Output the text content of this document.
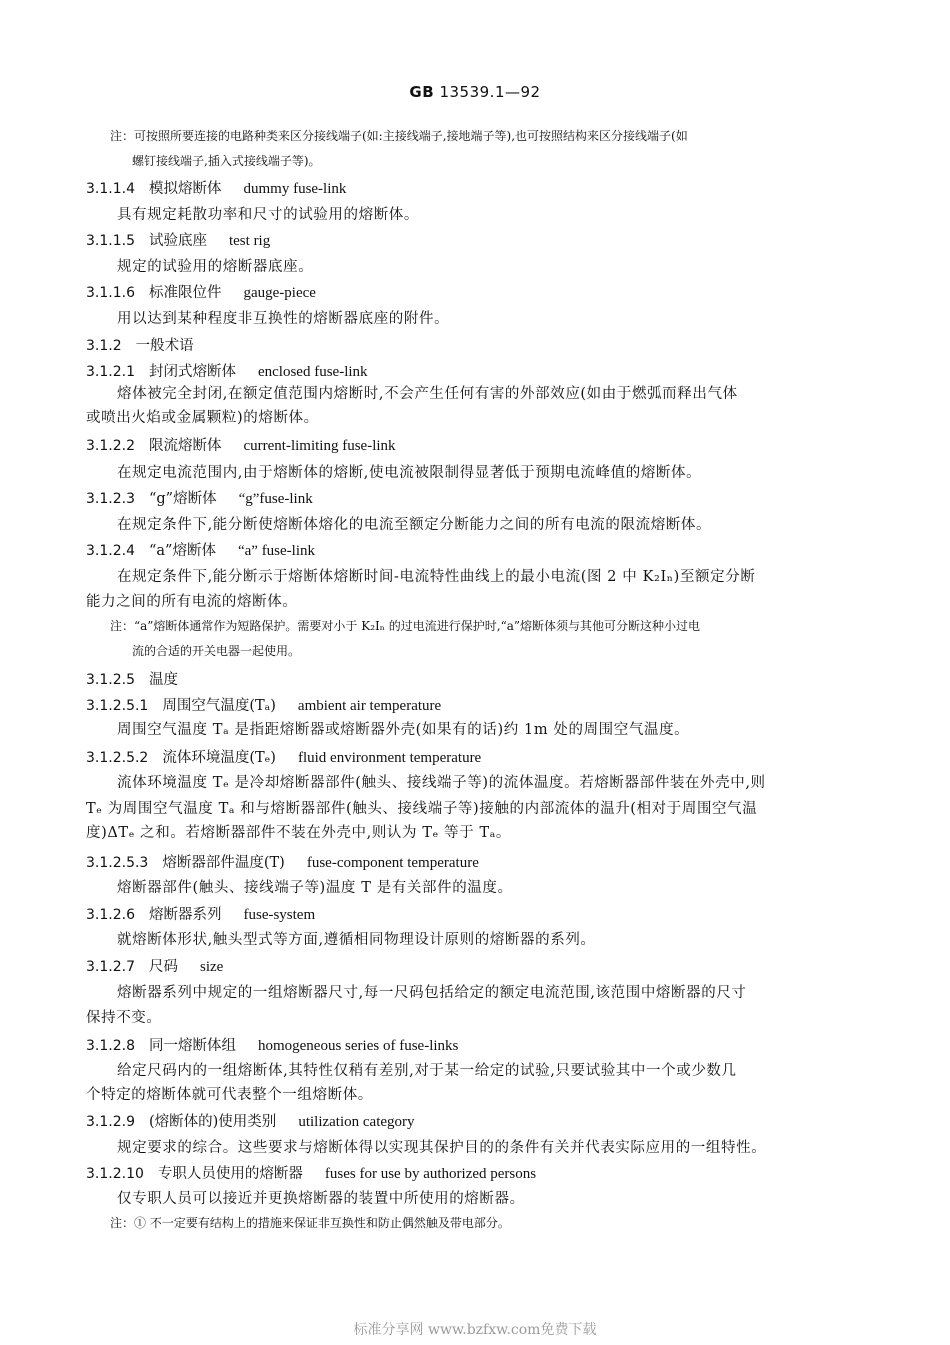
GB 13539.1—92
注：可按照所要连接的电路种类来区分接线端子(如:主接线端子,接地端子等),也可按照结构来区分接线端子(如
螺钉接线端子,插入式接线端子等)。
3.1.1.4 模拟熔断体 dummy fuse-link
具有规定耗散功率和尺寸的试验用的熔断体。
3.1.1.5 试验底座 test rig
规定的试验用的熔断器底座。
3.1.1.6 标准限位件 gauge-piece
用以达到某种程度非互换性的熔断器底座的附件。
3.1.2 一般术语
3.1.2.1 封闭式熔断体 enclosed fuse-link
熔体被完全封闭,在额定值范围内熔断时,不会产生任何有害的外部效应(如由于燃弧而释出气体
或喷出火焰或金属颗粒)的熔断体。
3.1.2.2 限流熔断体 current-limiting fuse-link
在规定电流范围内,由于熔断体的熔断,使电流被限制得显著低于预期电流峰值的熔断体。
3.1.2.3 “g”熔断体 “g”fuse-link
在规定条件下,能分断使熔断体熔化的电流至额定分断能力之间的所有电流的限流熔断体。
3.1.2.4 “a”熔断体 “a” fuse-link
在规定条件下,能分断示于熔断体熔断时间-电流特性曲线上的最小电流(图 2 中 K₂Iₙ)至额定分断
能力之间的所有电流的熔断体。
注：“a”熔断体通常作为短路保护。需要对小于 K₂Iₙ 的过电流进行保护时,“a”熔断体须与其他可分断这种小过电
流的合适的开关电器一起使用。
3.1.2.5 温度
3.1.2.5.1 周围空气温度(Tₐ) ambient air temperature
周围空气温度 Tₐ 是指距熔断器或熔断器外壳(如果有的话)约 1m 处的周围空气温度。
3.1.2.5.2 流体环境温度(Tₑ) fluid environment temperature
流体环境温度 Tₑ 是冷却熔断器部件(触头、接线端子等)的流体温度。若熔断器部件装在外壳中,则
Tₑ 为周围空气温度 Tₐ 和与熔断器部件(触头、接线端子等)接触的内部流体的温升(相对于周围空气温
度)ΔTₑ 之和。若熔断器部件不装在外壳中,则认为 Tₑ 等于 Tₐ。
3.1.2.5.3 熔断器部件温度(T) fuse-component temperature
熔断器部件(触头、接线端子等)温度 T 是有关部件的温度。
3.1.2.6 熔断器系列 fuse-system
就熔断体形状,触头型式等方面,遵循相同物理设计原则的熔断器的系列。
3.1.2.7 尺码 size
熔断器系列中规定的一组熔断器尺寸,每一尺码包括给定的额定电流范围,该范围中熔断器的尺寸
保持不变。
3.1.2.8 同一熔断体组 homogeneous series of fuse-links
给定尺码内的一组熔断体,其特性仅稍有差别,对于某一给定的试验,只要试验其中一个或少数几
个特定的熔断体就可代表整个一组熔断体。
3.1.2.9 (熔断体的)使用类别 utilization category
规定要求的综合。这些要求与熔断体得以实现其保护目的的条件有关并代表实际应用的一组特性。
3.1.2.10 专职人员使用的熔断器 fuses for use by authorized persons
仅专职人员可以接近并更换熔断器的装置中所使用的熔断器。
注：① 不一定要有结构上的措施来保证非互换性和防止偶然触及带电部分。
标准分享网 www.bzfxw.com免费下载
